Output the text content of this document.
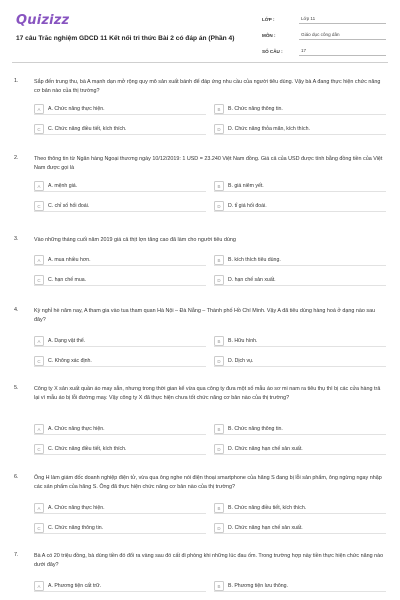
Quizizz
17 câu Trắc nghiệm GDCD 11 Kết nối tri thức Bài 2 có đáp án (Phần 4)
LỚP :	Lớp 11
MÔN :	Giáo dục công dân
SỐ CÂU :	17
1.	Sắp đến trung thu, bà A mạnh dạn mở rộng quy mô sản xuất bánh để đáp ứng nhu cầu của người tiêu dùng. Vậy bà A đang thực hiện chức năng cơ bản nào của thị trường?
A	A. Chức năng thực hiện.	B	B. Chức năng thông tin.
C	C. Chức năng điều tiết, kích thích.	D	D. Chức năng thỏa mãn, kích thích.
2.	Theo thông tin từ Ngân hàng Ngoại thương ngày 10/12/2019: 1 USD = 23.240 Việt Nam đồng. Giá cả của USD được tính bằng đồng tiền của Việt Nam được gọi là
A	A. mệnh giá.	B	B. giá niêm yết.
C	C. chỉ số hối đoái.	D	D. tỉ giá hối đoái.
3.	Vào những tháng cuối năm 2019 giá cả thịt lợn tăng cao đã làm cho người tiêu dùng
A	A. mua nhiều hơn.	B	B. kích thích tiêu dùng.
C	C. hạn chế mua.	D	D. hạn chế sản xuất.
4.	Kỳ nghỉ hè năm nay, A tham gia vào tua tham quan Hà Nội – Đà Nẵng – Thành phố Hồ Chí Minh. Vậy A đã tiêu dùng hàng hoá ở dạng nào sau đây?
A	A. Dạng vật thể.	B	B. Hữu hình.
C	C. Không xác định.	D	D. Dịch vụ.
5.	Công ty X sản xuất quần áo may sẵn, nhưng trong thời gian kể vừa qua công ty đưa một số mẫu áo sơ mi nam ra tiêu thụ thì bị các cửa hàng trả lại vì mẫu áo bị lỗi đường may. Vậy công ty X đã thực hiện chưa tốt chức năng cơ bản nào của thị trường?
A	A. Chức năng thực hiện.	B	B. Chức năng thông tin.
C	C. Chức năng điều tiết, kích thích.	D	D. Chức năng hạn chế sản xuất.
6.	Ông H làm giám đốc doanh nghiệp điện tử, vừa qua ông nghe nói điện thoại smartphone của hãng S đang bị lỗi sản phẩm, ông ngừng ngay nhập các sản phẩm của hãng S. Ông đã thực hiện chức năng cơ bản nào của thị trường?
A	A. Chức năng thực hiện.	B	B. Chức năng điều tiết, kích thích.
C	C. Chức năng thông tin.	D	D. Chức năng hạn chế sản xuất.
7.	Bà A có 20 triệu đồng, bà dùng tiền đó đổi ra vàng sau đó cất đi phòng khi những lúc đau ốm. Trong trường hợp này tiền thực hiện chức năng nào dưới đây?
A	A. Phương tiện cất trữ.	B	B. Phương tiện lưu thông.
